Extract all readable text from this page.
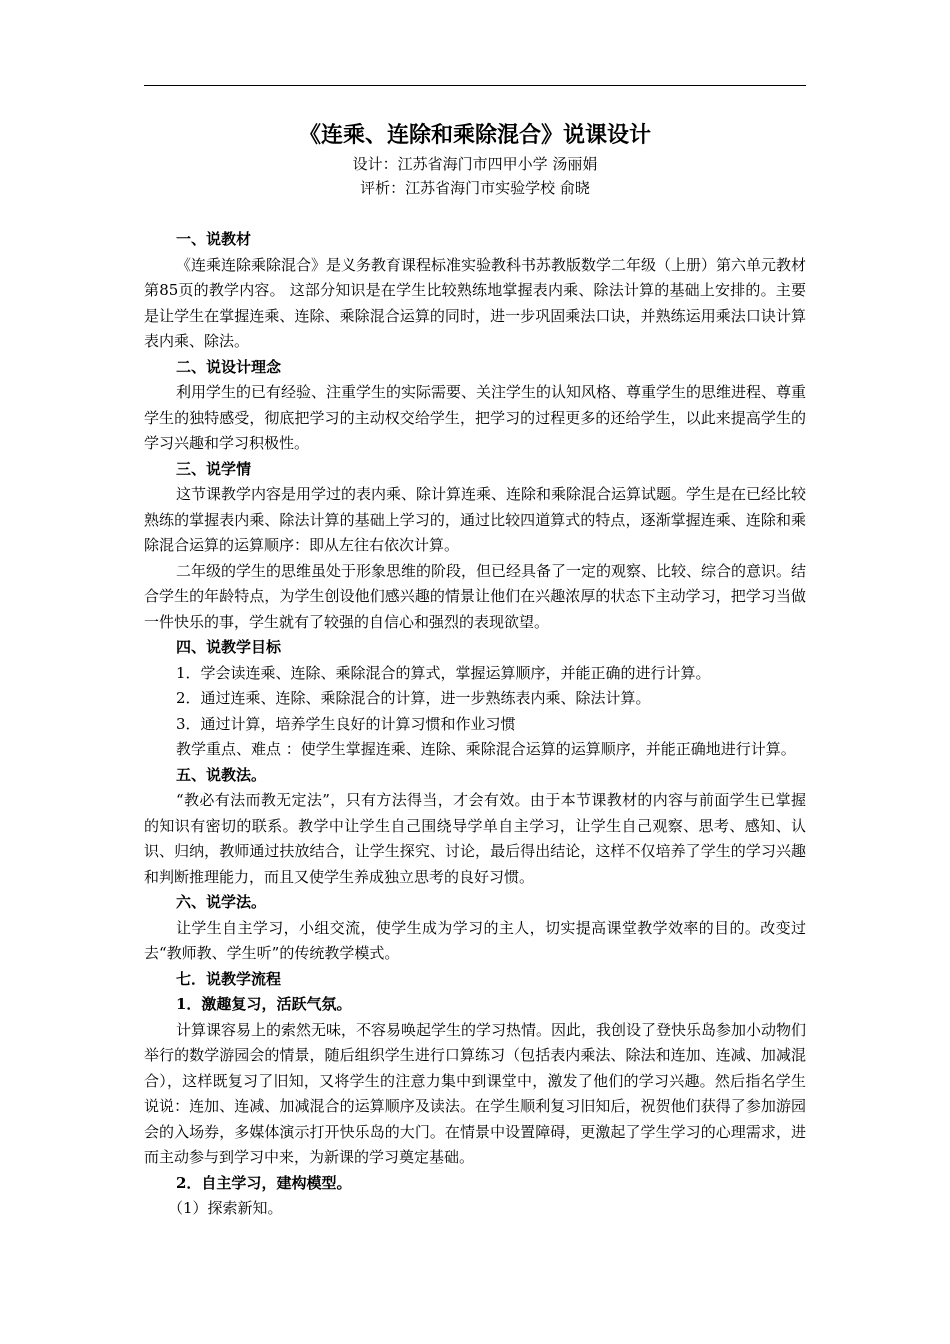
《连乘、连除和乘除混合》说课设计

设计：江苏省海门市四甲小学 汤丽娟

评析：江苏省海门市实验学校 俞晓

一、说教材

《连乘连除乘除混合》是义务教育课程标准实验教科书苏教版数学二年级（上册）第六单元教材第85页的教学内容。 这部分知识是在学生比较熟练地掌握表内乘、除法计算的基础上安排的。主要是让学生在掌握连乘、连除、乘除混合运算的同时，进一步巩固乘法口诀，并熟练运用乘法口诀计算表内乘、除法。

二、说设计理念

利用学生的已有经验、注重学生的实际需要、关注学生的认知风格、尊重学生的思维进程、尊重学生的独特感受，彻底把学习的主动权交给学生，把学习的过程更多的还给学生，以此来提高学生的学习兴趣和学习积极性。

三、说学情

这节课教学内容是用学过的表内乘、除计算连乘、连除和乘除混合运算试题。学生是在已经比较熟练的掌握表内乘、除法计算的基础上学习的，通过比较四道算式的特点，逐渐掌握连乘、连除和乘除混合运算的运算顺序：即从左往右依次计算。

二年级的学生的思维虽处于形象思维的阶段，但已经具备了一定的观察、比较、综合的意识。结合学生的年龄特点，为学生创设他们感兴趣的情景让他们在兴趣浓厚的状态下主动学习，把学习当做一件快乐的事，学生就有了较强的自信心和强烈的表现欲望。

四、说教学目标

1．学会读连乘、连除、乘除混合的算式，掌握运算顺序，并能正确的进行计算。

2．通过连乘、连除、乘除混合的计算，进一步熟练表内乘、除法计算。

3．通过计算，培养学生良好的计算习惯和作业习惯

教学重点、难点 ：使学生掌握连乘、连除、乘除混合运算的运算顺序，并能正确地进行计算。

五、说教法。

“教必有法而教无定法”，只有方法得当，才会有效。由于本节课教材的内容与前面学生已掌握的知识有密切的联系。教学中让学生自己围绕导学单自主学习，让学生自己观察、思考、感知、认识、归纳，教师通过扶放结合，让学生探究、讨论，最后得出结论，这样不仅培养了学生的学习兴趣和判断推理能力，而且又使学生养成独立思考的良好习惯。

六、说学法。

让学生自主学习，小组交流，使学生成为学习的主人，切实提高课堂教学效率的目的。改变过去“教师教、学生听”的传统教学模式。

七．说教学流程

1．激趣复习，活跃气氛。

计算课容易上的索然无味，不容易唤起学生的学习热情。因此，我创设了登快乐岛参加小动物们举行的数学游园会的情景，随后组织学生进行口算练习（包括表内乘法、除法和连加、连减、加减混合），这样既复习了旧知，又将学生的注意力集中到课堂中，激发了他们的学习兴趣。然后指名学生说说：连加、连减、加减混合的运算顺序及读法。在学生顺利复习旧知后，祝贺他们获得了参加游园会的入场券，多媒体演示打开快乐岛的大门。在情景中设置障碍，更激起了学生学习的心理需求，进而主动参与到学习中来，为新课的学习奠定基础。

2．自主学习，建构模型。

（1）探索新知。
